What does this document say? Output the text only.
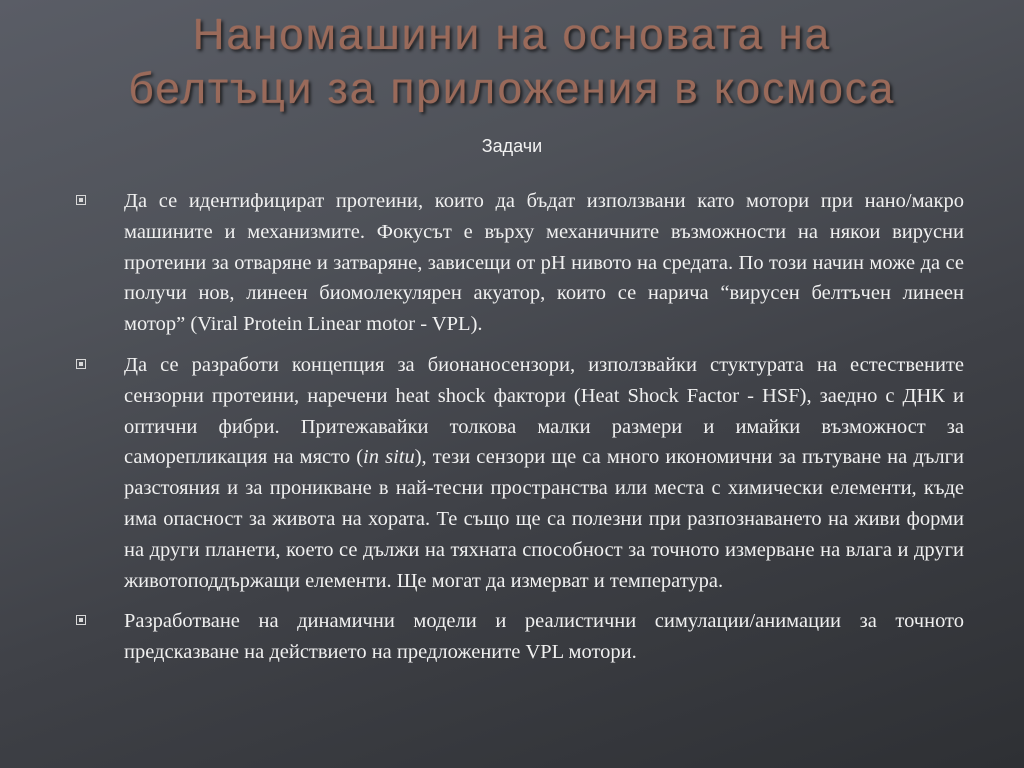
Наномашини на основата на
белтъци за приложения в космоса
Задачи
Да се идентифицират протеини, които да бъдат използвани като мотори при нано/макро машините и механизмите. Фокусът е върху механичните възможности на някои вирусни протеини за отваряне и затваряне, зависещи от pH нивото на средата. По този начин може да се получи нов, линеен биомолекулярен акуатор, които се нарича “вирусен белтъчен линеен мотор” (Viral Protein Linear motor - VPL).
Да се разработи концепция за бионаносензори, използвайки стуктурата на естествените сензорни протеини, наречени heat shock фактори (Heat Shock Factor - HSF), заедно с ДНК и оптични фибри. Притежавайки толкова малки размери и имайки възможност за саморепликация на място (in situ), тези сензори ще са много икономични за пътуване на дълги разстояния и за проникване в най-тесни пространства или места с химически елементи, къде има опасност за живота на хората. Те също ще са полезни при разпознаването на живи форми на други планети, което се дължи на тяхната способност за точното измерване на влага и други животоподдържащи елементи. Ще могат да измерват и температура.
Разработване на динамични модели и реалистични симулации/анимации за точното предсказване на действието на предложените VPL мотори.
